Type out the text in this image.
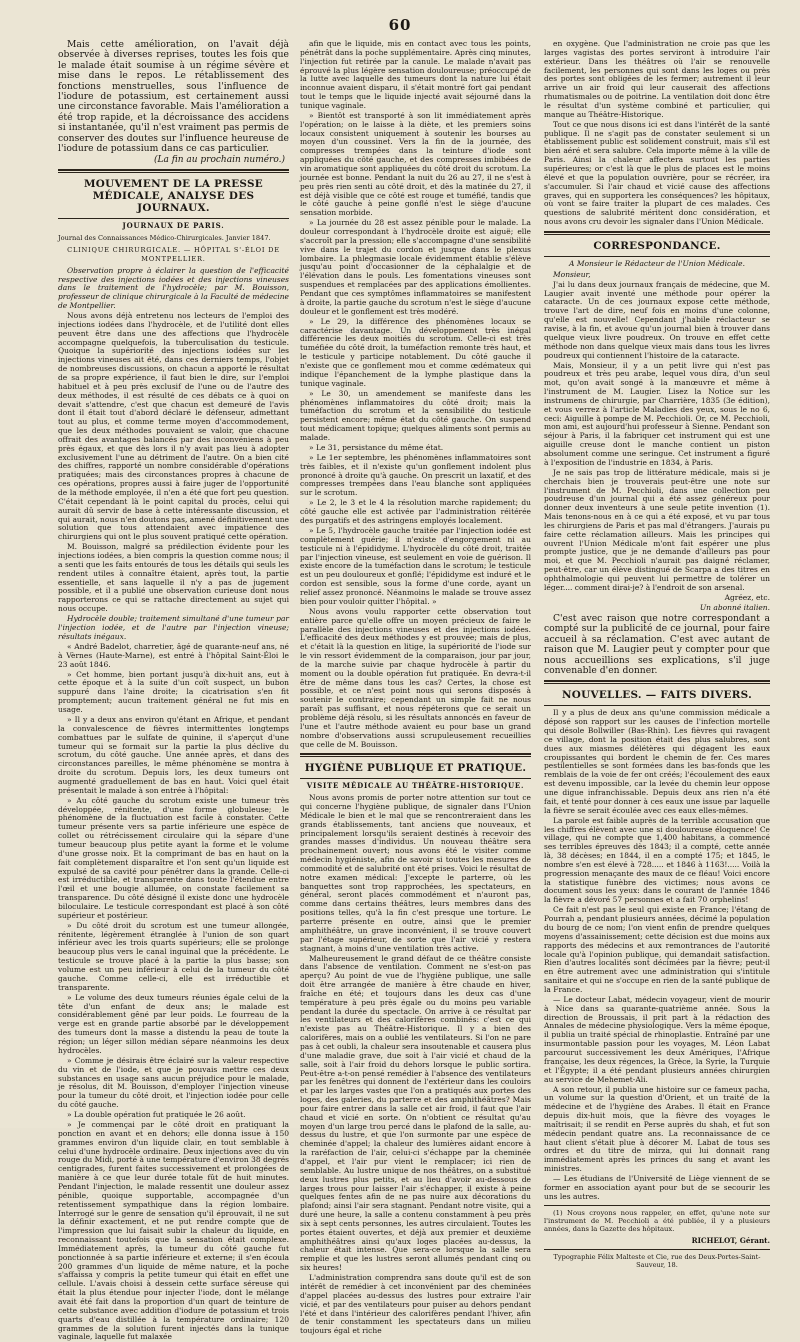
60

Mais cette amélioration, on l'avait déjà observée à diverses reprises, toutes les fois que le malade était soumise à un régime sévère et mise dans le repos. Le rétablissement des fonctions menstruelles, sous l'influence de l'iodure de potassium, est certainement aussi une circonstance favorable. Mais l'amélioration a été trop rapide, et la décroissance des accidens si instantanée, qu'il n'est vraiment pas permis de conserver des doutes sur l'influence heureuse de l'iodure de potassium dans ce cas particulier.

(La fin au prochain numéro.)
MOUVEMENT DE LA PRESSE MÉDICALE, ANALYSE DES JOURNAUX.
JOURNAUX DE PARIS.
Journal des Connaissances Médico-Chirurgicales. Janvier 1847.
CLINIQUE CHIRURGICALE. — HÔPITAL S'-ÉLOI DE MONTPELLIER.

Observation propre à éclairer la question de l'efficacité respective des injections iodées et des injections vineuses dans le traitement de l'hydrocèle; par M. Bouisson, professeur de clinique chirurgicale à la Faculté de médecine de Montpellier.

Nous avons déjà entretenu nos lecteurs de l'emploi des injections iodées dans l'hydrocèle, et de l'utilité dont elles peuvent être dans une des affections que l'hydrocèle accompagne quelquefois, la tuberculisation du testicule. Quoique la supériorité des injections iodées sur les injections vineuses ait été, dans ces derniers temps, l'objet de nombreuses discussions, on chacun a apporté le résultat de sa propre expérience, il faut bien le dire, sur l'emploi habituel et à peu près exclusif de l'une ou de l'autre des deux méthodes, il est résulté de ces débats ce à quoi on devait s'attendre, c'est que chacun est demeuré de l'avis dont il était tout d'abord déclaré le défenseur, admettant tout au plus, et comme terme moyen d'accommodement, que les deux méthodes pouvaient se valoir, que chacune offrait des avantages balancés par des inconvéniens à peu près égaux, et que dès lors il n'y avait pas lieu à adopter exclusivement l'une au détriment de l'autre. On a bien cité des chiffres, rapporté un nombre considérable d'opérations pratiquées; mais des circonstances propres à chacune de ces opérations, propres aussi à faire juger de l'opportunité de la méthode employée, il n'en a été que fort peu question. C'était cependant là le point capital du procès, celui qui aurait dû servir de base à cette intéressante discussion, et qui aurait, nous n'en doutons pas, amené définitivement une solution que tous attendaient avec impatience des chirurgiens qui ont le plus souvent pratiqué cette opération.

M. Bouisson, malgré sa prédilection évidente pour les injections iodées, a bien compris la question comme nous; il a senti que les faits entourés de tous les détails qui seuls les rendent utiles à connaître étaient, après tout, la partie essentielle, et sans laquelle il n'y a pas de jugement possible, et il a publié une observation curieuse dont nous rapporterons ce qui se rattache directement au sujet qui nous occupe.

Hydrocèle double; traitement simultané d'une tumeur par l'injection iodée, et de l'autre par l'injection vineuse; résultats inégaux.

« André Badelot, charretier, âgé de quarante-neuf ans, né à Vèrnes (Haute-Marne), est entré à l'hôpital Saint-Éloi le 23 août 1846.

» Cet homme, bien portant jusqu'à dix-huit ans, eut à cette époque et à la suite d'un coït suspect, un bubon suppuré dans l'aine droite; la cicatrisation s'en fit promptement; aucun traitement général ne fut mis en usage.

» Il y a deux ans environ qu'étant en Afrique, et pendant la convalescence de fièvres intermittentes longtemps combattues par le sulfate de quinine, il s'aperçut d'une tumeur qui se formait sur la partie la plus déclive du scrotum, du côté gauche. Une année après, et dans des circonstances pareilles, le même phénomène se montra à droite du scrotum. Depuis lors, les deux tumeurs ont augmenté graduellement de bas en haut. Voici quel était présentait le malade à son entrée à l'hôpital:

» Au côté gauche du scrotum existe une tumeur très développée, rénitente, d'une forme globuleuse; le phénomène de la fluctuation est facile à constater. Cette tumeur présente vers sa partie inférieure une espèce de collet ou rétrécissement circulaire qui la sépare d'une tumeur beaucoup plus petite ayant la forme et le volume d'une grosse noix. Et la comprimant de bas en haut on la fait complètement disparaître et l'on sent qu'un liquide est expulsé de sa cavité pour pénétrer dans la grande. Celle-ci est irréductible, et transparente dans toute l'étendue entre l'œil et une bougie allumée, on constate facilement sa transparence. Du côté désigné il existe donc une hydrocèle biloculaire. Le testicule correspondant est placé à son côté supérieur et postérieur.

» Du côté droit du scrotum est une tumeur allongée, rénitente, légèrement étranglée à l'union de son quart inférieur avec les trois quarts supérieurs; elle se prolonge beaucoup plus vers le canal inguinal que la précédente. Le testicule se trouve placé à la partie la plus basse; son volume est un peu inférieur à celui de la tumeur du côté gauche. Comme celle-ci, elle est irréductible et transparente.

» Le volume des deux tumeurs réunies égale celui de la tête d'un enfant de deux ans; le malade est considérablement gêné par leur poids. Le fourreau de la verge est en grande partie absorbé par le développement des tumeurs dont la masse a distendu la peau de toute la région; un léger sillon médian sépare néanmoins les deux hydrocèles.

» Comme je désirais être éclairé sur la valeur respective du vin et de l'iode, et que je pouvais mettre ces deux substances en usage sans aucun préjudice pour le malade, je résolus, dit M. Bouisson, d'employer l'injection vineuse pour la tumeur du côté droit, et l'injection iodée pour celle du côté gauche.

» La double opération fut pratiquée le 26 août.

» Je commençai par le côté droit en pratiquant la ponction en avant et en dehors; elle donna issue à 150 grammes environ d'un liquide clair, en tout semblable à celui d'une hydrocèle ordinaire. Deux injections avec du vin rouge du Midi, porté à une température d'environ 38 degrés centigrades, furent faites successivement et prolongées de manière à ce que leur durée totale fût de huit minutes. Pendant l'injection, le malade ressentit une douleur assez pénible, quoique supportable, accompagnée d'un retentissement sympathique dans la région lombaire. Interrogé sur le genre de sensation qu'il éprouvait, il ne sut la définir exactement, et ne put rendre compte que de l'impression que lui faisait subir la chaleur du liquide, en reconnaissant toutefois que la sensation était complexe. Immédiatement après, la tumeur du côté gauche fut ponctionnée à sa partie inférieure et externe; il s'en écoula 200 grammes d'un liquide de même nature, et la poche s'affaissa y compris la petite tumeur qui était en effet une cellule. L'avais choisi à dessein cette surface séreuse qui était la plus étendue pour injecter l'iode, dont le mélange avait été fait dans la proportion d'un quart de teinture de cette substance avec addition d'iodure de potassium et trois quarts d'eau distillée à la température ordinaire; 120 grammes de la solution furent injectés dans la tunique vaginale, laquelle fut malaxée

afin que le liquide, mis en contact avec tous les points, pénétrât dans la poche supplémentaire. Après cinq minutes, l'injection fut retirée par la canule. Le malade n'avait pas éprouvé la plus légère sensation douloureuse; préoccupé de la lutte avec laquelle des tumeurs dont la nature lui était inconnue avaient disparu, il s'était montré fort gai pendant tout le temps que le liquide injecté avait séjourné dans la tunique vaginale.

» Bientôt est transporté à son lit immédiatement après l'opération; on le laisse à la diète, et les premiers soins locaux consistent uniquement à soutenir les bourses au moyen d'un coussinet. Vers la fin de la journée, des compresses trempées dans la teinture d'iode sont appliquées du côté gauche, et des compresses imbibées de vin aromatique sont appliquées du côté droit du scrotum. La journée est bonne. Pendant la nuit du 26 au 27, il ne s'est à peu près rien senti au côté droit, et dès la matinée du 27, il est déjà visible que ce côté est rouge et tuméfié, tandis que le côté gauche à peine gonflé n'est le siège d'aucune sensation morbide.

» La journée du 28 est assez pénible pour le malade. La douleur correspondant à l'hydrocèle droite est aiguë; elle s'accroît par la pression; elle s'accompagne d'une sensibilité vive dans le trajet du cordon et jusque dans le plexus lombaire. La phlegmasie locale évidemment établie s'élève jusqu'au point d'occasionner de la céphalalgie et de l'élévation dans le pouls. Les fomentations vineuses sont suspendues et remplacées par des applications émollientes. Pendant que ces symptômes inflammatoires se manifestent à droite, la partie gauche du scrotum n'est le siège d'aucune douleur et le gonflement est très modéré.

» Le 29, la différence des phénomènes locaux se caractérise davantage. Un développement très inégal différencie les deux moitiés du scrotum. Celle-ci est très tuméfiée du côté droit, la tuméfaction remonte très haut, et le testicule y participe notablement. Du côté gauche il n'existe que ce gonflement mou et comme œdémateux qui indique l'épanchement de la lymphe plastique dans la tunique vaginale.

» Le 30, un amendement se manifeste dans les phénomènes inflammatoires du côté droit; mais la tuméfaction du scrotum et la sensibilité du testicule persistent encore; même état du côté gauche. On suspend tout médicament topique; quelques aliments sont permis au malade.

» Le 31, persistance du même état.

» Le 1er septembre, les phénomènes inflammatoires sont très faibles, et il n'existe qu'un gonflement indolent plus prononcé à droite qu'à gauche. On prescrit un laxatif, et des compresses trempées dans l'eau blanche sont appliquées sur le scrotum.

» Le 2, le 3 et le 4 la résolution marche rapidement; du côté gauche elle est activée par l'administration réitérée des purgatifs et des astringens employés localement.

» Le 5, l'hydrocèle gauche traitée par l'injection iodée est complètement guérie; il n'existe d'engorgement ni au testicule ni à l'épididyme. L'hydrocèle du côté droit, traitée par l'injection vineuse, est seulement en voie de guérison. Il existe encore de la tuméfaction dans le scrotum; le testicule est un peu douloureux et gonflé; l'épididyme est induré et le cordon est sensible, sous la forme d'une corde, ayant un relief assez prononcé. Néanmoins le malade se trouve assez bien pour vouloir quitter l'hôpital. »

Nous avons voulu rapporter cette observation tout entière parce qu'elle offre un moyen précieux de faire le parallèle des injections vineuses et des injections iodées. L'efficacité des deux méthodes y est prouvée; mais de plus, et c'était là la question en litige, la supériorité de l'iode sur le vin ressort évidemment de la comparaison, jour par jour, de la marche suivie par chaque hydrocèle à partir du moment ou la double opération fut pratiquée. En devra-t-il être de même dans tous les cas? Certes, la chose est possible, et ce n'est point nous qui serons disposés à soutenir le contraire; cependant un simple fait ne nous paraît pas suffisant, et nous répéterons que ce serait un problème déjà résolu, si les résultats annoncés en faveur de l'une et l'autre méthode avaient eu pour base un grand nombre d'observations aussi scrupuleusement recueillies que celle de M. Bouisson.

HYGIÈNE PUBLIQUE ET PRATIQUE.
VISITE MÉDICALE AU THÉÂTRE-HISTORIQUE.

Nous avons promis de porter notre attention sur tout ce qui concerne l'hygiène publique, de signaler dans l'Union Médicale le bien et le mal que se rencontreraient dans les grands établissements, tant anciens que nouveaux, et principalement lorsqu'ils seraient destinés à recevoir des grandes masses d'individus. Un nouveau théâtre sera prochainement ouvert; nous avons été le visiter comme médecin hygiéniste, afin de savoir si toutes les mesures de commodité et de salubrité ont été prises. Voici le résultat de notre examen médical: J'excepte le parterre, où les banquettes sont trop rapprochées, les spectateurs, en général, seront placés commodément et n'auront pas, comme dans certains théâtres, leurs membres dans des positions telles, qu'à la fin c'est presque une torture. Le parterre présente en outre, ainsi que le premier amphithéâtre, un grave inconvénient, il se trouve couvert par l'étage supérieur, de sorte que l'air vicié y restera stagnant, à moins d'une ventilation très active.

Malheureusement le grand défaut de ce théâtre consiste dans l'absence de ventilation. Comment ne s'est-on pas aperçu? Au point de vue de l'hygiène publique, une salle doit être arrangée de manière à être chaude en hiver, fraîche en été; et toujours dans les deux cas d'une température à peu près égale ou du moins peu variable pendant la durée du spectacle. On arrive à ce résultat par les ventilateurs et des calorifères combinés: c'est ce qui n'existe pas au Théâtre-Historique. Il y a bien des calorifères, mais on a oublié les ventilateurs. Si l'on ne pare pas à cet oubli, la chaleur sera insoutenable et causera plus d'une maladie grave, due soit à l'air vicié et chaud de la salle, soit à l'air froid du dehors lorsque le public sortira. Peut-être a-t-on pensé remédier à l'absence des ventilateurs par les fenêtres qui donnent de l'extérieur dans les couloirs et par les larges vastes que l'on a pratiqués aux portes des loges, des galeries, du parterre et des amphithéâtres? Mais pour faire entrer dans la salle cet air froid, il faut que l'air chaud et vicié en sorte. On n'obtient ce résultat qu'au moyen d'un large trou percé dans le plafond de la salle, au-dessus du lustre, et que l'on surmonte par une espèce de cheminée d'appel; la chaleur des lumières aidant encore à la raréfaction de l'air, celui-ci s'échappe par la cheminée d'appel, et l'air pur vient le remplacer; ici rien de semblable. Au lustre unique de nos théâtres, on a substitué deux lustres plus petits, et au lieu d'avoir au-dessous de larges trous pour laisser l'air s'échapper, il existe à peine quelques fentes afin de ne pas nuire aux décorations du plafond; ainsi l'air sera stagnant. Pendant notre visite, qui a duré une heure, la salle a contenu constamment à peu près six à sept cents personnes, les autres circulaient. Toutes les portes étaient ouvertes, et déjà aux premier et deuxième amphithéâtres ainsi qu'aux loges placées au-dessus, la chaleur était intense. Que sera-ce lorsque la salle sera remplie et que les lustres seront allumés pendant cinq ou six heures!

L'administration comprendra sans doute qu'il est de son intérêt de remédier à cet inconvénient par des cheminées d'appel placées au-dessus des lustres pour extraire l'air vicié, et par des ventilateurs pour puiser au dehors pendant l'été et dans l'intérieur des calorifères pendant l'hiver, afin de tenir constamment les spectateurs dans un milieu toujours égal et riche

en oxygène. Que l'administration ne croie pas que les larges vagistas des portes serviront à introduire l'air extérieur. Dans les théâtres où l'air se renouvelle facilement, les personnes qui sont dans les loges ou près des portes sont obligées de les fermer; autrement il leur arrive un air froid qui leur causerait des affections rhumatismales ou de poitrine. La ventilation doit donc être le résultat d'un système combiné et particulier, qui manque au Théâtre-Historique.

Tout ce que nous disons ici est dans l'intérêt de la santé publique. Il ne s'agit pas de constater seulement si un établissement public est solidement construit, mais s'il est bien aéré et sera salubre. Cela importe même à la ville de Paris. Ainsi la chaleur affectera surtout les parties supérieures; or c'est là que le plus de places est le moins élevé et que la population ouvrière, pour se récréer, ira s'accumuler. Si l'air chaud et vicié cause des affections graves, qui en supportera les conséquences? les hôpitaux, où vont se faire traiter la plupart de ces malades. Ces questions de salubrité méritent donc considération, et nous avons cru devoir les signaler dans l'Union Médicale.

CORRESPONDANCE.
A Monsieur le Rédacteur de l'Union Médicale.

Monsieur,

J'ai lu dans deux journaux français de médecine, que M. Laugier avait inventé une méthode pour opérer la cataracte. Un de ces journaux expose cette méthode, trouve l'art de dire, neuf fois en moins d'une colonne, qu'elle est nouvelle! Cependant j'habile réclacteur se ravise, à la fin, et avoue qu'un journal bien à trouver dans quelque vieux livre poudreux. On trouve en effet cette méthode non dans quelque vieux mais dans tous les livres poudreux qui contiennent l'histoire de la cataracte.

Mais, Monsieur, il y a un petit livre qui n'est pas poudreux et très peu arabe, lequel vous dira, d'un seul mot, qu'on avait songé à la manœuvre et même à l'instrument de M. Laugier. Lisez la Notice sur les instrumens de chirurgie, par Charrière, 1835 (3e édition), et vous verrez à l'article Maladies des yeux, sous le no 6, ceci: Aiguille à pompe de M. Pecchioli. Or, ce M. Pecchioli, mon ami, est aujourd'hui professeur à Sienne. Pendant son séjour à Paris, il la fabriquer cet instrument qui est une aiguille creuse dont le manche contient un piston absolument comme une seringue. Cet instrument a figuré à l'exposition de l'industrie en 1834, à Paris.

Je ne sais pas trop de littérature médicale, mais si je cherchais bien je trouverais peut-être une note sur l'instrument de M. Pecchioli, dans une collection peu poudreuse d'un journal qui a été assez généreux pour donner deux inventeurs à une seule petite invention (1). Mais tenons-nous en à ce qui a été exposé, et vu par tous les chirurgiens de Paris et pas mal d'étrangers. J'aurais pu faire cette réclamation ailleurs. Mais les principes qui ouvrent l'Union Médicale m'ont fait espérer une plus prompte justice, que je ne demande d'ailleurs pas pour moi, et que M. Pecchioli n'aurait pas daigné réclamer, peut-être, car un élève distingué de Scarpa a des titres en ophthalmologie qui peuvent lui permettre de tolérer un léger.... comment dirai-je? à l'endroit de son arsenal.

Agréez, etc.

Un abonné italien.

C'est avec raison que notre correspondant a compté sur la publicité de ce journal, pour faire accueil à sa réclamation. C'est avec autant de raison que M. Laugier peut y compter pour que nous accueillions ses explications, s'il juge convenable d'en donner.

NOUVELLES. — FAITS DIVERS.

Il y a plus de deux ans qu'une commission médicale a déposé son rapport sur les causes de l'infection mortelle qui désole Bollwiller (Bas-Rhin). Les fièvres qui ravagent ce village, dont la position était des plus salubres, sont dues aux miasmes délétères qui dégagent les eaux croupissantes qui bordent le chemin de fer. Ces mares pestilentielles se sont formées dans les bas-fonds que les remblais de la voie de fer ont créés; l'écoulement des eaux est devenu impossible, car la levée du chemin leur oppose une digue infranchissable. Depuis deux ans rien n'a été fait, et tenté pour donner à ces eaux une issue par laquelle la fièvre se serait écoulée avec ces eaux elles-mêmes.

La parole est faible auprès de la terrible accusation que les chiffres élèvent avec une si douloureuse éloquence! Ce village, qui ne compte que 1,400 habitans, a commencé ses terribles épreuves dès 1843; il a compté, cette année là, 38 décèses; en 1844, il en a compté 175; et 1845, le nombre s'en est élevé à 728..... et 1846 à 1163!..... Voilà la progression menaçante des maux de ce fléau! Voici encore la statistique funèbre des victimes; nous avons ce document sous les yeux: dans le courant de l'année 1846 la fièvre a dévoré 57 personnes et a fait 70 orphelins!

Ce fait n'est pas le seul qui existe en France; l'étang de Pourrah a, pendant plusieurs années, décimé la population du bourg de ce nom; l'on vient enfin de prendre quelques moyens d'assainissement; cette décision est due moins aux rapports des médecins et aux remontrances de l'autorité locale qu'à l'opinion publique, qui demandait satisfaction. Rien d'autres localités sont décimées par la fièvre; peut-il en être autrement avec une administration qui s'intitule sanitaire et qui ne s'occupe en rien de la santé publique de la France.

— Le docteur Labat, médecin voyageur, vient de mourir à Nice dans sa quarante-quatrième année. Sous la direction de Broussais, il prit part à la rédaction des Annales de médecine physiologique. Vers la même époque, il publia un traité spécial de rhinoplastie. Entraîné par une insurmontable passion pour les voyages, M. Léon Labat parcourut successivement les deux Amériques, l'Afrique française, les deux régences, la Grèce, la Syrie, la Turquie et l'Égypte; il a été pendant plusieurs années chirurgien au service de Mehemet-Ali.

A son retour, il publia une histoire sur ce fameux pacha, un volume sur la question d'Orient, et un traité de la médecine et de l'hygiène des Arabes. Il était en France depuis dix-huit mois, que la fièvre des voyages le maîtrisait; il se rendit en Perse auprès du shah, et fut son médecin pendant quatre ans. La reconnaissance de ce haut client s'était plue à décorer M. Labat de tous ses ordres et du titre de mirza, qui lui donnait rang immédiatement après les princes du sang et avant les ministres.

— Les étudians de l'Université de Liège viennent de se former en association ayant pour but de se secourir les uns les autres.

(1) Nous croyons nous rappeler, en effet, qu'une note sur l'instrument de M. Pecchioli a été publiée, il y a plusieurs années, dans la Gazette des hôpitaux.

RICHELOT, Gérant.
Typographie Félix Malteste et Cie, rue des Deux-Portes-Saint-Sauveur, 18.
